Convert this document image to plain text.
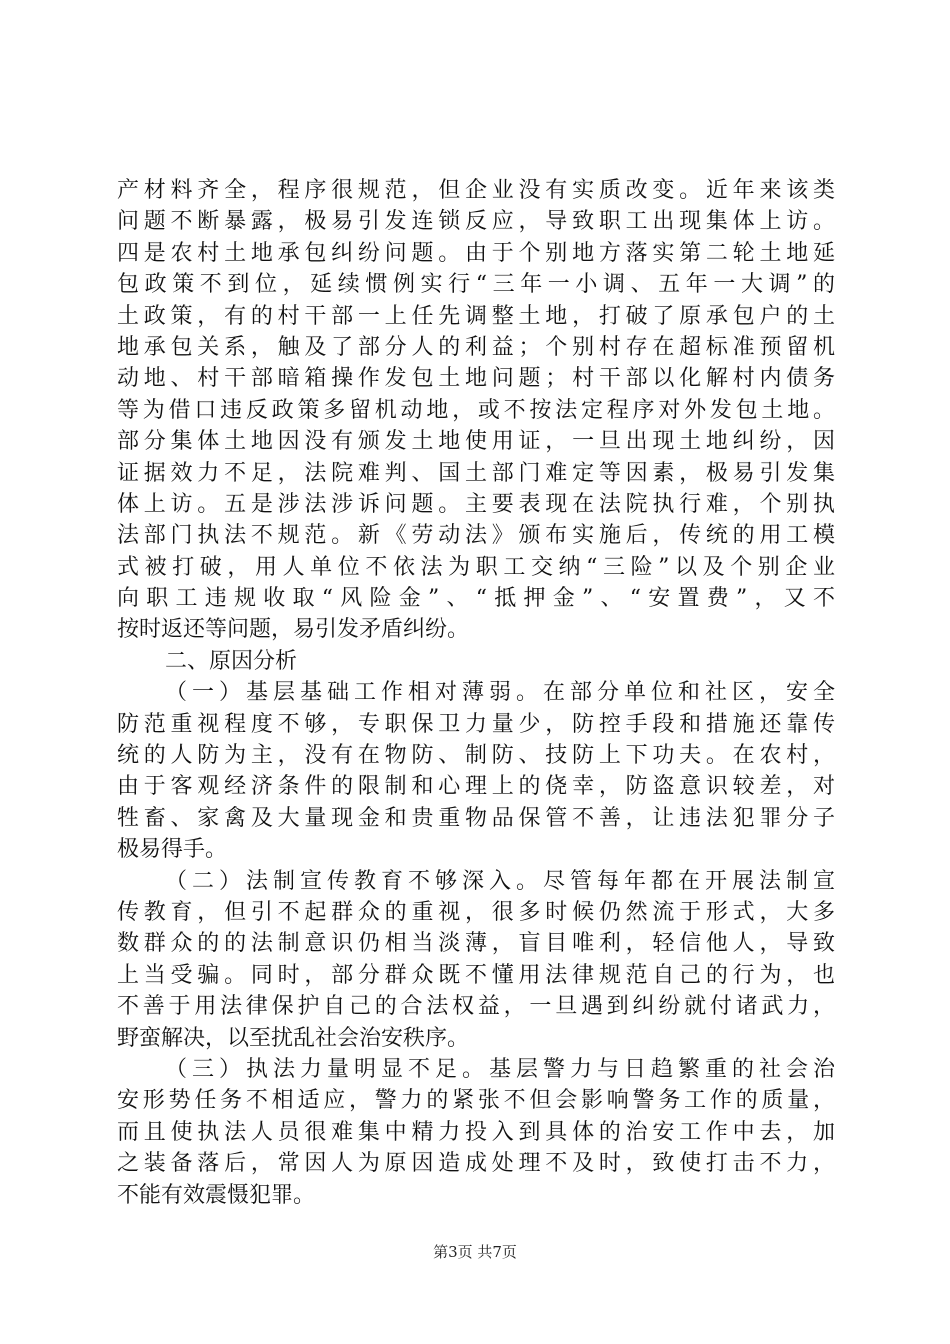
产材料齐全，程序很规范，但企业没有实质改变。近年来该类
问题不断暴露，极易引发连锁反应，导致职工出现集体上访。
四是农村土地承包纠纷问题。由于个别地方落实第二轮土地延
包政策不到位，延续惯例实行“三年一小调、五年一大调”的
土政策，有的村干部一上任先调整土地，打破了原承包户的土
地承包关系，触及了部分人的利益；个别村存在超标准预留机
动地、村干部暗箱操作发包土地问题；村干部以化解村内债务
等为借口违反政策多留机动地，或不按法定程序对外发包土地。
部分集体土地因没有颁发土地使用证，一旦出现土地纠纷，因
证据效力不足，法院难判、国土部门难定等因素，极易引发集
体上访。五是涉法涉诉问题。主要表现在法院执行难，个别执
法部门执法不规范。新《劳动法》颁布实施后，传统的用工模
式被打破，用人单位不依法为职工交纳“三险”以及个别企业
向职工违规收取“风险金”、“抵押金”、“安置费”，又不
按时返还等问题，易引发矛盾纠纷。
二、原因分析
（一）基层基础工作相对薄弱。在部分单位和社区，安全
防范重视程度不够，专职保卫力量少，防控手段和措施还靠传
统的人防为主，没有在物防、制防、技防上下功夫。在农村，
由于客观经济条件的限制和心理上的侥幸，防盗意识较差，对
牲畜、家禽及大量现金和贵重物品保管不善，让违法犯罪分子
极易得手。
（二）法制宣传教育不够深入。尽管每年都在开展法制宣
传教育，但引不起群众的重视，很多时候仍然流于形式，大多
数群众的的法制意识仍相当淡薄，盲目唯利，轻信他人，导致
上当受骗。同时，部分群众既不懂用法律规范自己的行为，也
不善于用法律保护自己的合法权益，一旦遇到纠纷就付诸武力，
野蛮解决，以至扰乱社会治安秩序。
（三）执法力量明显不足。基层警力与日趋繁重的社会治
安形势任务不相适应，警力的紧张不但会影响警务工作的质量，
而且使执法人员很难集中精力投入到具体的治安工作中去，加
之装备落后，常因人为原因造成处理不及时，致使打击不力，
不能有效震慑犯罪。
第3页 共7页
